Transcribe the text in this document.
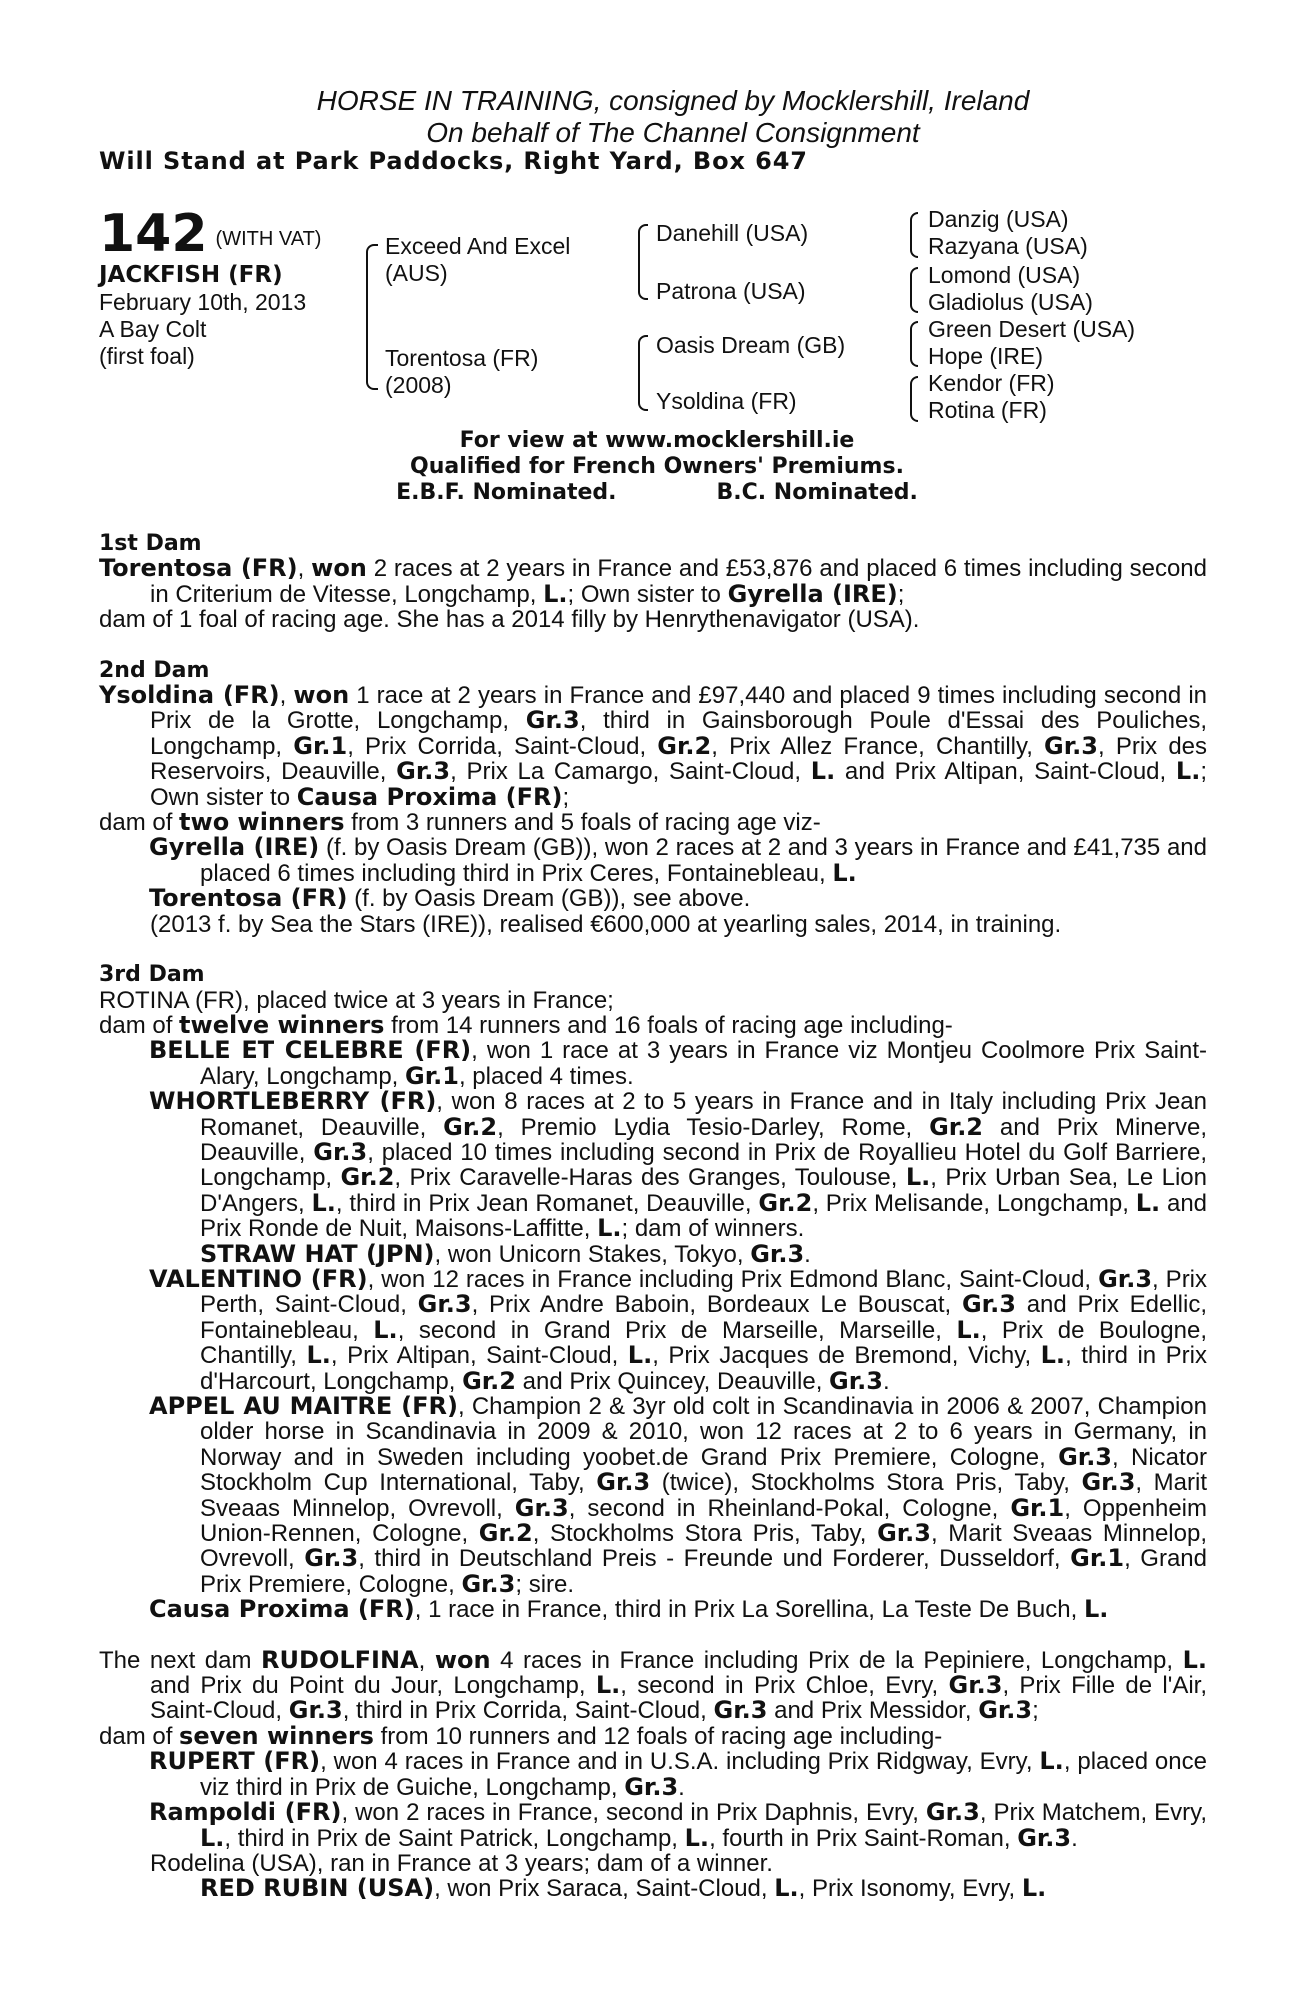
HORSE IN TRAINING, consigned by Mocklershill, Ireland
On behalf of The Channel Consignment
Will Stand at Park Paddocks, Right Yard, Box 647
142 (WITH VAT)
JACKFISH (FR)
February 10th, 2013
A Bay Colt
(first foal)
Exceed And Excel
(AUS)
Torentosa (FR)
(2008)
Danehill (USA)
Patrona (USA)
Oasis Dream (GB)
Ysoldina (FR)
Danzig (USA)
Razyana (USA)
Lomond (USA)
Gladiolus (USA)
Green Desert (USA)
Hope (IRE)
Kendor (FR)
Rotina (FR)
For view at www.mocklershill.ie
Qualified for French Owners' Premiums.
E.B.F. Nominated.	B.C. Nominated.
1st Dam

Torentosa (FR), won 2 races at 2 years in France and £53,876 and placed 6 times including second in Criterium de Vitesse, Longchamp, L.; Own sister to Gyrella (IRE);

dam of 1 foal of racing age. She has a 2014 filly by Henrythenavigator (USA).

2nd Dam

Ysoldina (FR), won 1 race at 2 years in France and £97,440 and placed 9 times including second in Prix de la Grotte, Longchamp, Gr.3, third in Gainsborough Poule d'Essai des Pouliches, Longchamp, Gr.1, Prix Corrida, Saint-Cloud, Gr.2, Prix Allez France, Chantilly, Gr.3, Prix des Reservoirs, Deauville, Gr.3, Prix La Camargo, Saint-Cloud, L. and Prix Altipan, Saint-Cloud, L.; Own sister to Causa Proxima (FR);

dam of two winners from 3 runners and 5 foals of racing age viz-

Gyrella (IRE) (f. by Oasis Dream (GB)), won 2 races at 2 and 3 years in France and £41,735 and placed 6 times including third in Prix Ceres, Fontainebleau, L.

Torentosa (FR) (f. by Oasis Dream (GB)), see above.

(2013 f. by Sea the Stars (IRE)), realised €600,000 at yearling sales, 2014, in training.

3rd Dam

ROTINA (FR), placed twice at 3 years in France;

dam of twelve winners from 14 runners and 16 foals of racing age including-

BELLE ET CELEBRE (FR), won 1 race at 3 years in France viz Montjeu Coolmore Prix Saint-Alary, Longchamp, Gr.1, placed 4 times.

WHORTLEBERRY (FR), won 8 races at 2 to 5 years in France and in Italy including Prix Jean Romanet, Deauville, Gr.2, Premio Lydia Tesio-Darley, Rome, Gr.2 and Prix Minerve, Deauville, Gr.3, placed 10 times including second in Prix de Royallieu Hotel du Golf Barriere, Longchamp, Gr.2, Prix Caravelle-Haras des Granges, Toulouse, L., Prix Urban Sea, Le Lion D'Angers, L., third in Prix Jean Romanet, Deauville, Gr.2, Prix Melisande, Longchamp, L. and Prix Ronde de Nuit, Maisons-Laffitte, L.; dam of winners.

STRAW HAT (JPN), won Unicorn Stakes, Tokyo, Gr.3.

VALENTINO (FR), won 12 races in France including Prix Edmond Blanc, Saint-Cloud, Gr.3, Prix Perth, Saint-Cloud, Gr.3, Prix Andre Baboin, Bordeaux Le Bouscat, Gr.3 and Prix Edellic, Fontainebleau, L., second in Grand Prix de Marseille, Marseille, L., Prix de Boulogne, Chantilly, L., Prix Altipan, Saint-Cloud, L., Prix Jacques de Bremond, Vichy, L., third in Prix d'Harcourt, Longchamp, Gr.2 and Prix Quincey, Deauville, Gr.3.

APPEL AU MAITRE (FR), Champion 2 & 3yr old colt in Scandinavia in 2006 & 2007, Champion older horse in Scandinavia in 2009 & 2010, won 12 races at 2 to 6 years in Germany, in Norway and in Sweden including yoobet.de Grand Prix Premiere, Cologne, Gr.3, Nicator Stockholm Cup International, Taby, Gr.3 (twice), Stockholms Stora Pris, Taby, Gr.3, Marit Sveaas Minnelop, Ovrevoll, Gr.3, second in Rheinland-Pokal, Cologne, Gr.1, Oppenheim Union-Rennen, Cologne, Gr.2, Stockholms Stora Pris, Taby, Gr.3, Marit Sveaas Minnelop, Ovrevoll, Gr.3, third in Deutschland Preis - Freunde und Forderer, Dusseldorf, Gr.1, Grand Prix Premiere, Cologne, Gr.3; sire.

Causa Proxima (FR), 1 race in France, third in Prix La Sorellina, La Teste De Buch, L.

The next dam RUDOLFINA, won 4 races in France including Prix de la Pepiniere, Longchamp, L. and Prix du Point du Jour, Longchamp, L., second in Prix Chloe, Evry, Gr.3, Prix Fille de l'Air, Saint-Cloud, Gr.3, third in Prix Corrida, Saint-Cloud, Gr.3 and Prix Messidor, Gr.3;

dam of seven winners from 10 runners and 12 foals of racing age including-

RUPERT (FR), won 4 races in France and in U.S.A. including Prix Ridgway, Evry, L., placed once viz third in Prix de Guiche, Longchamp, Gr.3.

Rampoldi (FR), won 2 races in France, second in Prix Daphnis, Evry, Gr.3, Prix Matchem, Evry, L., third in Prix de Saint Patrick, Longchamp, L., fourth in Prix Saint-Roman, Gr.3.

Rodelina (USA), ran in France at 3 years; dam of a winner.

RED RUBIN (USA), won Prix Saraca, Saint-Cloud, L., Prix Isonomy, Evry, L.
